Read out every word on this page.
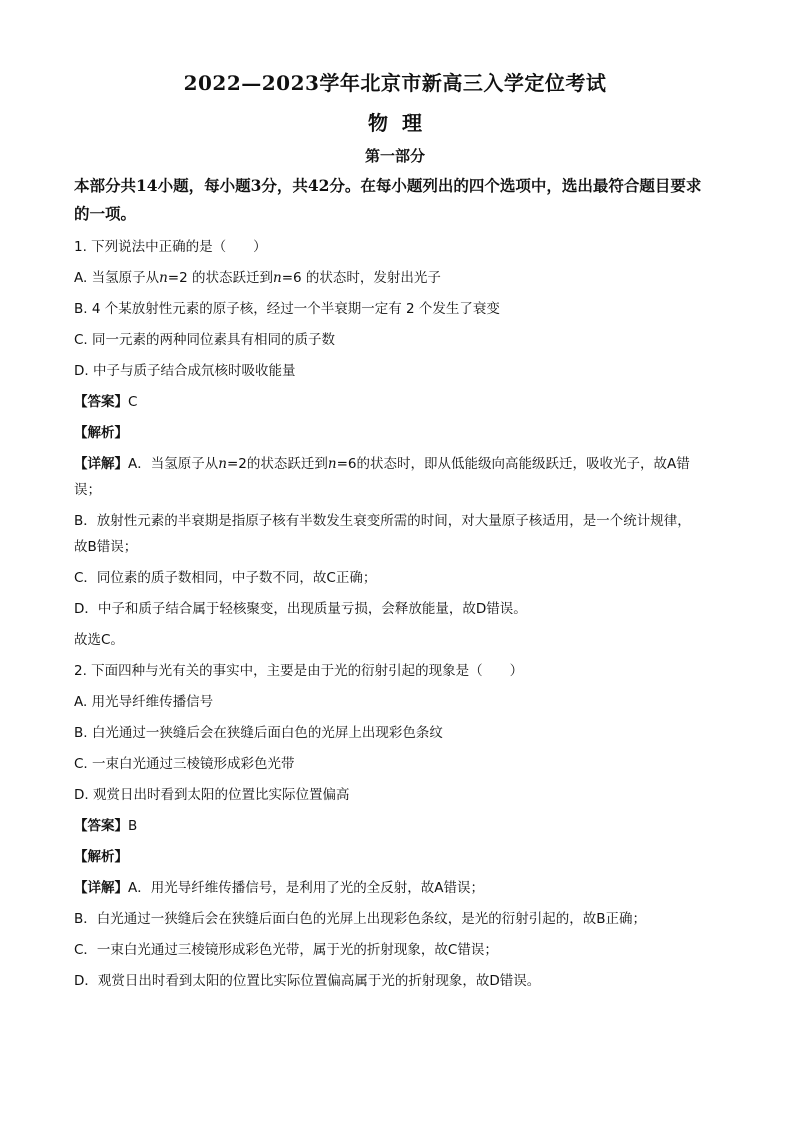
2022—2023学年北京市新高三入学定位考试
物理
第一部分
本部分共14小题，每小题3分，共42分。在每小题列出的四个选项中，选出最符合题目要求的一项。

1. 下列说法中正确的是（　　）

A. 当氢原子从n=2 的状态跃迁到n=6 的状态时，发射出光子

B. 4 个某放射性元素的原子核，经过一个半衰期一定有 2 个发生了衰变

C. 同一元素的两种同位素具有相同的质子数

D. 中子与质子结合成氘核时吸收能量

【答案】C

【解析】

【详解】A．当氢原子从n=2的状态跃迁到n=6的状态时，即从低能级向高能级跃迁，吸收光子，故A错

误；

B．放射性元素的半衰期是指原子核有半数发生衰变所需的时间，对大量原子核适用，是一个统计规律，

故B错误；

C．同位素的质子数相同，中子数不同，故C正确；

D．中子和质子结合属于轻核聚变，出现质量亏损，会释放能量，故D错误。

故选C。

2. 下面四种与光有关的事实中，主要是由于光的衍射引起的现象是（　　）

A. 用光导纤维传播信号

B. 白光通过一狭缝后会在狭缝后面白色的光屏上出现彩色条纹

C. 一束白光通过三棱镜形成彩色光带

D. 观赏日出时看到太阳的位置比实际位置偏高

【答案】B

【解析】

【详解】A．用光导纤维传播信号，是利用了光的全反射，故A错误；

B．白光通过一狭缝后会在狭缝后面白色的光屏上出现彩色条纹，是光的衍射引起的，故B正确；

C．一束白光通过三棱镜形成彩色光带，属于光的折射现象，故C错误；

D．观赏日出时看到太阳的位置比实际位置偏高属于光的折射现象，故D错误。
